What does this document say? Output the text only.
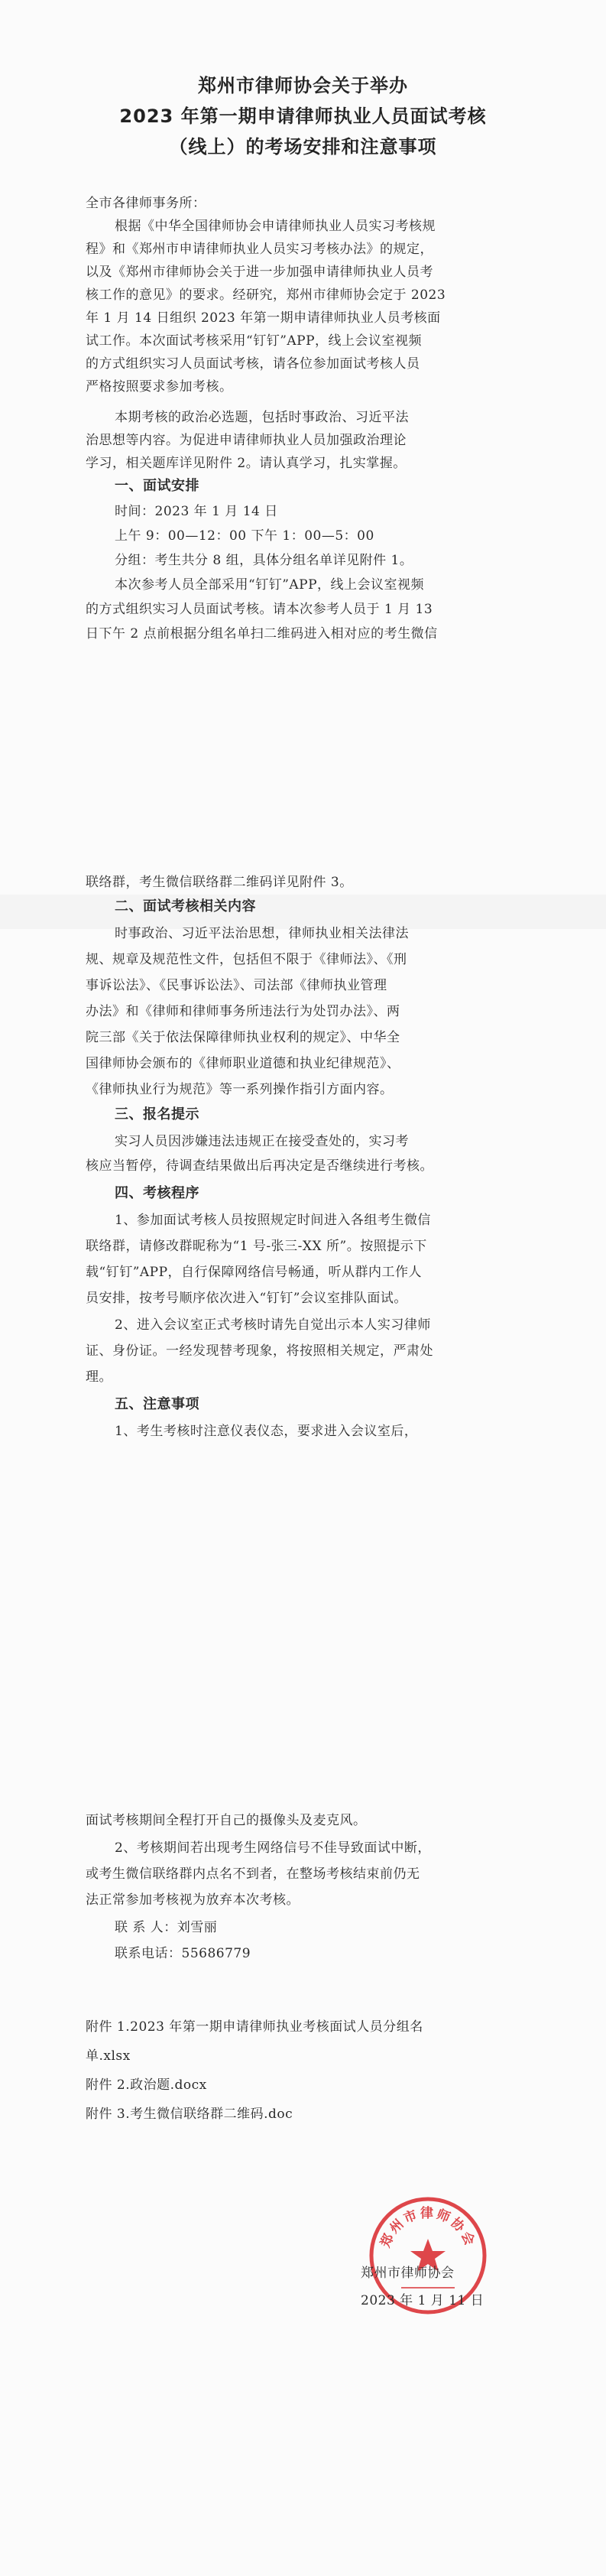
郑州市律师协会关于举办
2023 年第一期申请律师执业人员面试考核
（线上）的考场安排和注意事项
全市各律师事务所：
根据《中华全国律师协会申请律师执业人员实习考核规
程》和《郑州市申请律师执业人员实习考核办法》的规定，
以及《郑州市律师协会关于进一步加强申请律师执业人员考
核工作的意见》的要求。经研究，郑州市律师协会定于 2023
年 1 月 14 日组织 2023 年第一期申请律师执业人员考核面
试工作。本次面试考核采用“钉钉”APP，线上会议室视频
的方式组织实习人员面试考核，请各位参加面试考核人员
严格按照要求参加考核。
本期考核的政治必选题，包括时事政治、习近平法
治思想等内容。为促进申请律师执业人员加强政治理论
学习，相关题库详见附件 2。请认真学习，扎实掌握。
一、面试安排
时间：2023 年 1 月 14 日
上午 9：00—12：00 下午 1：00—5：00
分组：考生共分 8 组，具体分组名单详见附件 1。
本次参考人员全部采用“钉钉”APP，线上会议室视频
的方式组织实习人员面试考核。请本次参考人员于 1 月 13
日下午 2 点前根据分组名单扫二维码进入相对应的考生微信
联络群，考生微信联络群二维码详见附件 3。
二、面试考核相关内容
时事政治、习近平法治思想，律师执业相关法律法
规、规章及规范性文件，包括但不限于《律师法》、《刑
事诉讼法》、《民事诉讼法》、司法部《律师执业管理
办法》和《律师和律师事务所违法行为处罚办法》、两
院三部《关于依法保障律师执业权利的规定》、中华全
国律师协会颁布的《律师职业道德和执业纪律规范》、
《律师执业行为规范》等一系列操作指引方面内容。
三、报名提示
实习人员因涉嫌违法违规正在接受查处的，实习考
核应当暂停，待调查结果做出后再决定是否继续进行考核。
四、考核程序
1、参加面试考核人员按照规定时间进入各组考生微信
联络群，请修改群昵称为“1 号-张三-XX 所”。按照提示下
载“钉钉”APP，自行保障网络信号畅通，听从群内工作人
员安排，按考号顺序依次进入“钉钉”会议室排队面试。
2、进入会议室正式考核时请先自觉出示本人实习律师
证、身份证。一经发现替考现象，将按照相关规定，严肃处
理。
五、注意事项
1、考生考核时注意仪表仪态，要求进入会议室后，
面试考核期间全程打开自己的摄像头及麦克风。
2、考核期间若出现考生网络信号不佳导致面试中断，
或考生微信联络群内点名不到者，在整场考核结束前仍无
法正常参加考核视为放弃本次考核。
联 系 人：刘雪丽
联系电话：55686779
附件 1.2023 年第一期申请律师执业考核面试人员分组名
单.xlsx
附件 2.政治题.docx
附件 3.考生微信联络群二维码.doc
郑州市律师协会
郑州市律师协会
2023 年 1 月 11 日
